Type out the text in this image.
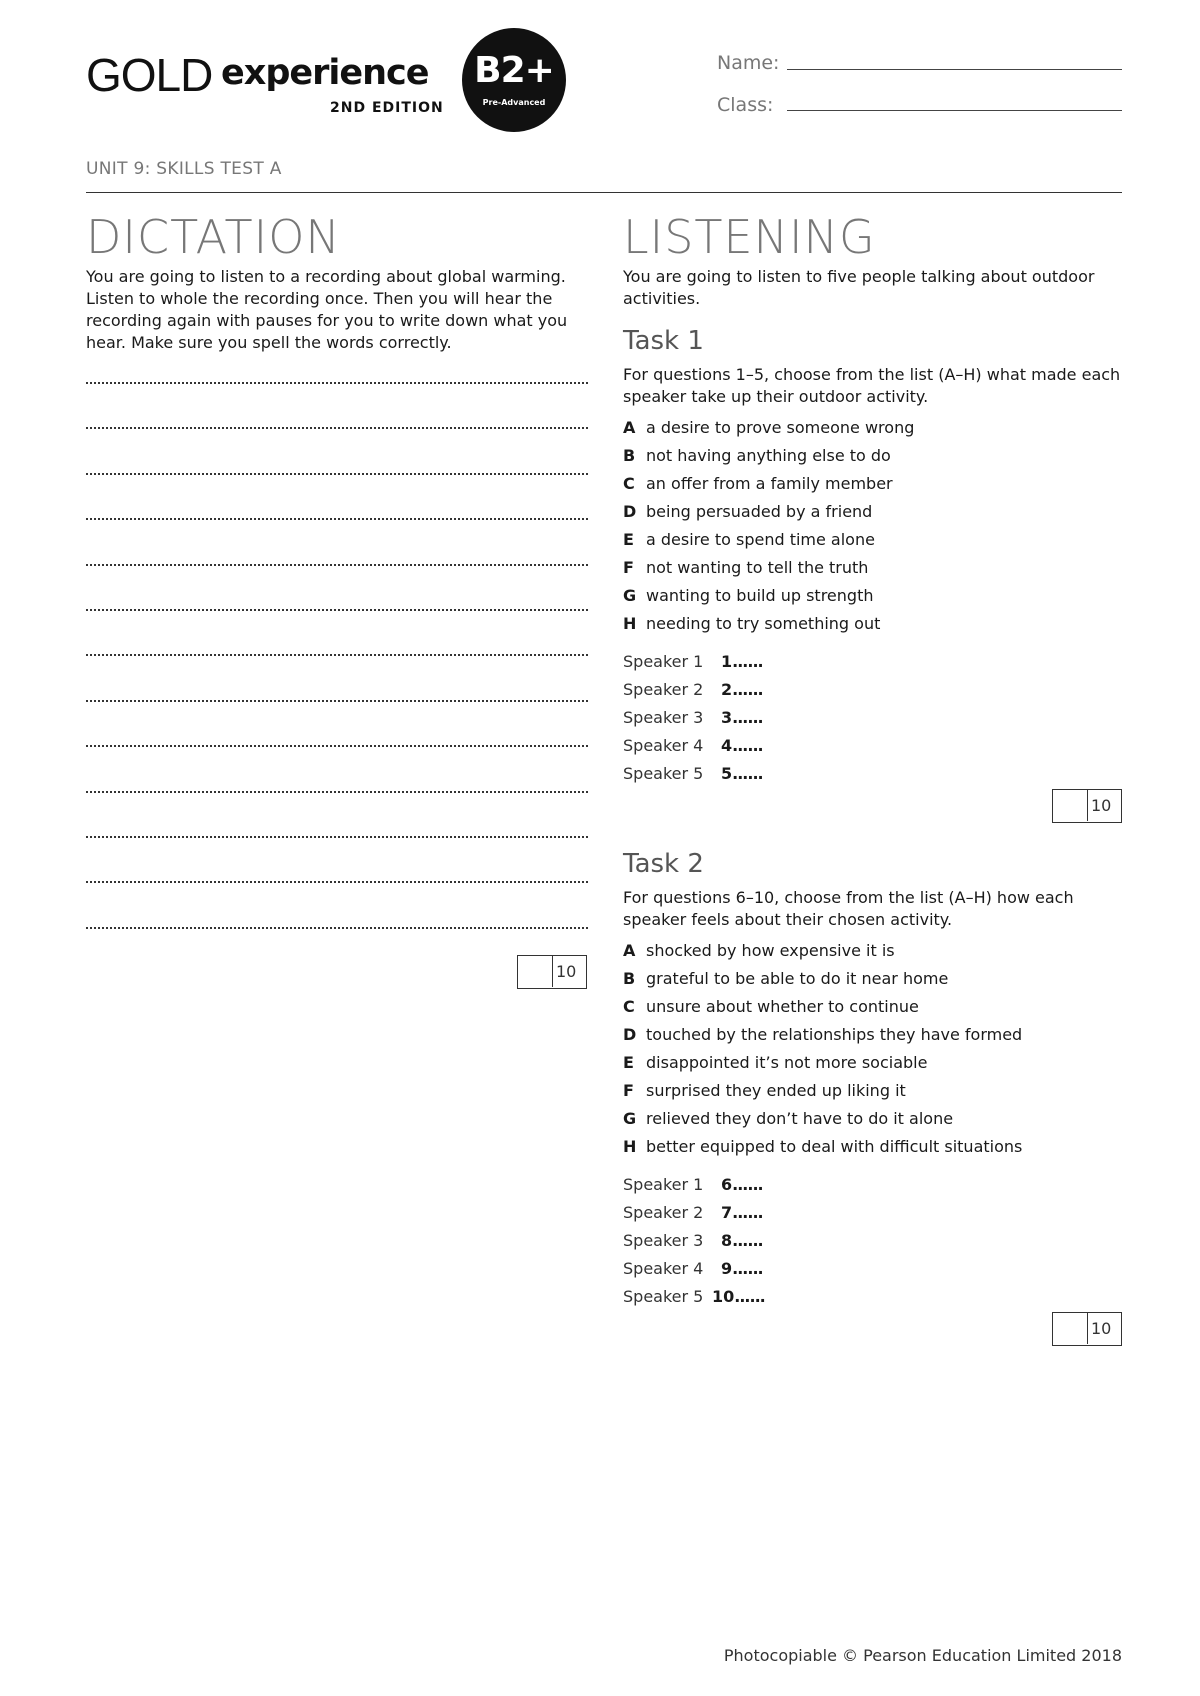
GOLD experience
2ND EDITION
B2+
Pre-Advanced
Name:
Class:
UNIT 9: SKILLS TEST A
DICTATION
You are going to listen to a recording about global warming. Listen to whole the recording once. Then you will hear the recording again with pauses for you to write down what you hear. Make sure you spell the words correctly.
10
LISTENING
You are going to listen to five people talking about outdoor activities.
Task 1
For questions 1–5, choose from the list (A–H) what made each speaker take up their outdoor activity.
A a desire to prove someone wrong
B not having anything else to do
C an offer from a family member
D being persuaded by a friend
E a desire to spend time alone
F not wanting to tell the truth
G wanting to build up strength
H needing to try something out
Speaker 1 1......
Speaker 2 2......
Speaker 3 3......
Speaker 4 4......
Speaker 5 5......
10
Task 2
For questions 6–10, choose from the list (A–H) how each speaker feels about their chosen activity.
A shocked by how expensive it is
B grateful to be able to do it near home
C unsure about whether to continue
D touched by the relationships they have formed
E disappointed it’s not more sociable
F surprised they ended up liking it
G relieved they don’t have to do it alone
H better equipped to deal with difficult situations
Speaker 1 6......
Speaker 2 7......
Speaker 3 8......
Speaker 4 9......
Speaker 5 10......
10
Photocopiable © Pearson Education Limited 2018
